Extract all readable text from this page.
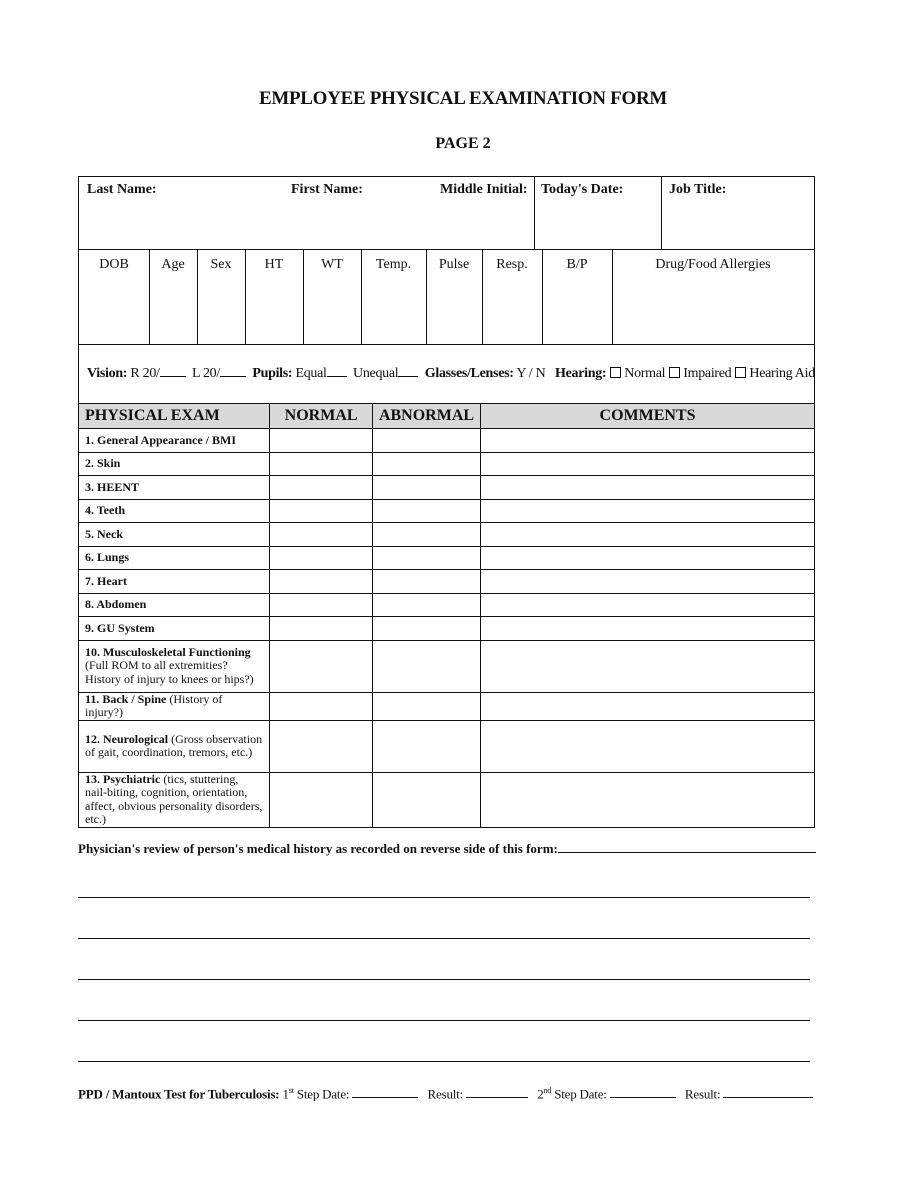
EMPLOYEE PHYSICAL EXAMINATION FORM
PAGE 2
Last Name:	First Name:	Middle Initial: Today's Date:	Job Title:
DOB	Age	Sex	HT	WT	Temp.	Pulse	Resp.	B/P	Drug/Food Allergies
Vision: R 20/ L 20/ Pupils: Equal Unequal Glasses/Lenses: Y / N Hearing: Normal Impaired Hearing Aid
PHYSICAL EXAM	NORMAL	ABNORMAL	COMMENTS
1. General Appearance / BMI			
2. Skin			
3. HEENT			
4. Teeth			
5. Neck			
6. Lungs			
7. Heart			
8. Abdomen			
9. GU System			
10. Musculoskeletal Functioning (Full ROM to all extremities? History of injury to knees or hips?)			
11. Back / Spine (History of injury?)			
12. Neurological (Gross observation of gait, coordination, tremors, etc.)			
13. Psychiatric (tics, stuttering, nail-biting, cognition, orientation, affect, obvious personality disorders, etc.)			
Physician's review of person's medical history as recorded on reverse side of this form:
PPD / Mantoux Test for Tuberculosis: 1st Step Date:	Result:	2nd Step Date:	Result:
